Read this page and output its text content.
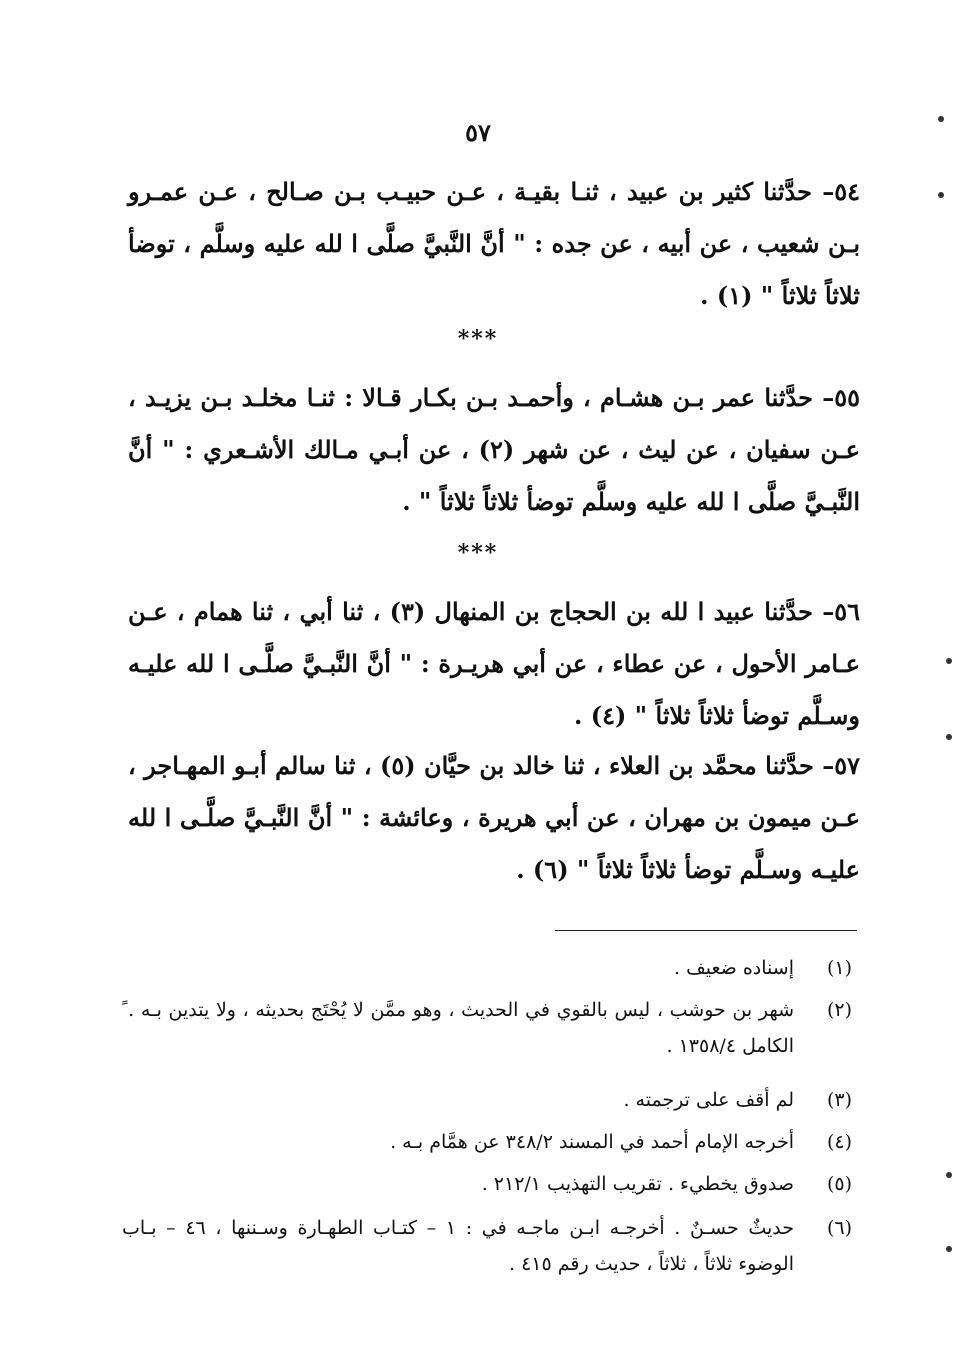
٥٧
٥٤– حدَّثنا كثير بن عبيد ، ثنـا بقيـة ، عـن حبيـب بـن صـالح ، عـن عمـرو بـن شعيب ، عن أبيه ، عن جده : " أنَّ النَّبيَّ صلَّى ا لله عليه وسلَّم ، توضأ ثلاثاً ثلاثاً " (١) .
***
٥٥– حدَّثنا عمر بـن هشـام ، وأحمـد بـن بكـار قـالا : ثنـا مخلـد بـن يزيـد ، عـن سفيان ، عن ليث ، عن شهر (٢) ، عن أبـي مـالك الأشـعري : " أنَّ النَّبـيَّ صلَّى ا لله عليه وسلَّم توضأ ثلاثاً ثلاثاً " .
***
٥٦– حدَّثنا عبيد ا لله بن الحجاج بن المنهال (٣) ، ثنا أبي ، ثنا همام ، عـن عـامر الأحول ، عن عطاء ، عن أبي هريـرة : " أنَّ النَّبـيَّ صلَّـى ا لله عليـه وسـلَّم توضأ ثلاثاً ثلاثاً " (٤) .
٥٧– حدَّثنا محمَّد بن العلاء ، ثنا خالد بن حيَّان (٥) ، ثنا سالم أبـو المهـاجر ، عـن ميمون بن مهران ، عن أبي هريرة ، وعائشة : " أنَّ النَّبـيَّ صلَّـى ا لله عليـه وسـلَّم توضأ ثلاثاً ثلاثاً " (٦) .
(١)
إسناده ضعيف .
(٢)
شهر بن حوشب ، ليس بالقوي في الحديث ، وهو ممَّن لا يُحْتَج بحديثه ، ولا يتدين بـه . ً الكامل ١٣٥٨/٤ .
(٣)
لم أقف على ترجمته .
(٤)
أخرجه الإمام أحمد في المسند ٣٤٨/٢ عن همَّام بـه .
(٥)
صدوق يخطيء . تقريب التهذيب ٢١٢/١ .
(٦)
حديثٌ حسـنٌ . أخرجـه ابـن ماجـه في : ١ – كتـاب الطهـارة وسـننها ، ٤٦ – بـاب الوضوء ثلاثاً ، ثلاثاً ، حديث رقم ٤١٥ .
